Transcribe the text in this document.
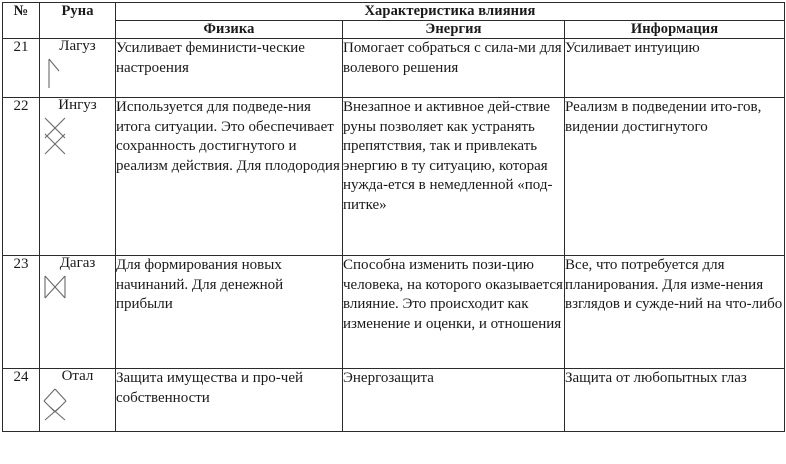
№	Руна	Характеристика влияния		
		Физика	Энергия	Информация
21	Лагуз	Усиливает феминисти-ческие настроения	Помогает собраться с сила-ми для волевого решения	Усиливает интуицию
22	Ингуз	Используется для подведе-ния итога ситуации. Это обеспечивает сохранность достигнутого и реализм действия. Для плодородия	Внезапное и активное дей-ствие руны позволяет как устранять препятствия, так и привлекать энергию в ту ситуацию, которая нужда-ется в немедленной «под-питке»	Реализм в подведении ито-гов, видении достигнутого
23	Дагаз	Для формирования новых начинаний. Для денежной прибыли	Способна изменить пози-цию человека, на которого оказывается влияние. Это происходит как изменение и оценки, и отношения	Все, что потребуется для планирования. Для изме-нения взглядов и сужде-ний на что-либо
24	Отал	Защита имущества и про-чей собственности	Энергозащита	Защита от любопытных глаз
